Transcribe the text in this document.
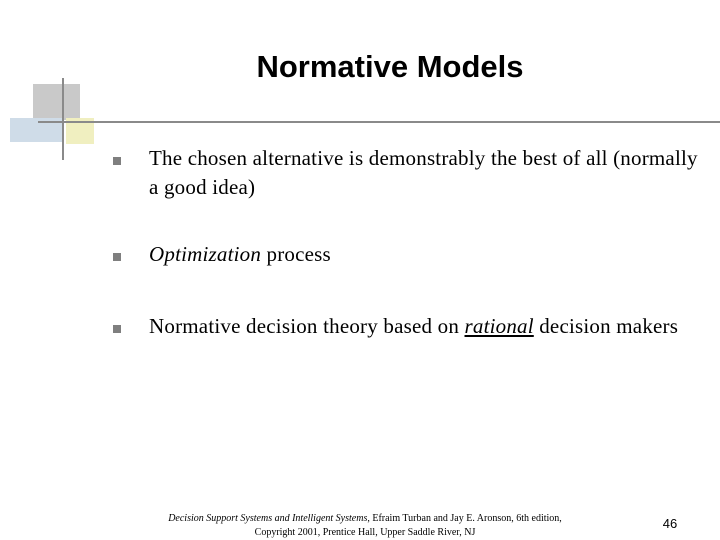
Normative Models
The chosen alternative is demonstrably the best of all (normally a good idea)
Optimization process
Normative decision theory based on rational decision makers
Decision Support Systems and Intelligent Systems, Efraim Turban and Jay E. Aronson, 6th edition,
Copyright 2001, Prentice Hall, Upper Saddle River, NJ
46
